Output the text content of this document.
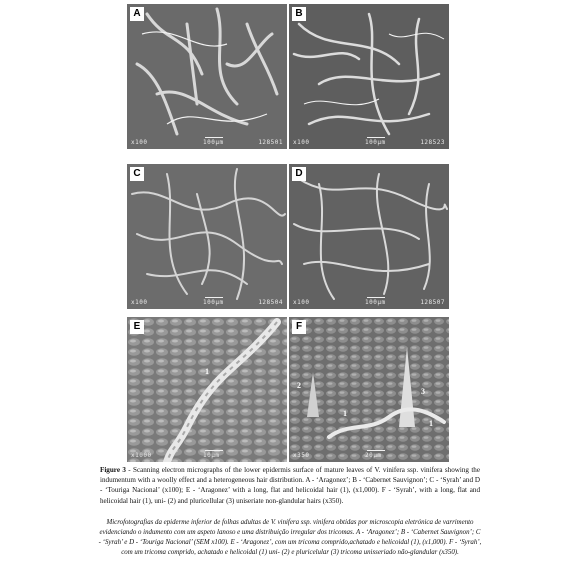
A
x100	100µm	128501
B
x100	100µm	128523
C
x100	100µm	128504
D
x100	100µm	128507
E
1
x1000	10µm
F
2
3
1
1
x350	20µm
Figure 3 - Scanning electron micrographs of the lower epidermis surface of mature leaves of V. vinifera ssp. vinifera showing the indumentum with a woolly effect and a heterogeneous hair distribution. A - ‘Aragonez’; B - ‘Cabernet Sauvignon’; C - ‘Syrah’ and D - ‘Touriga Nacional’ (x100); E - ‘Aragonez’ with a long, flat and helicoidal hair (1), (x1,000). F - ‘Syrah’, with a long, flat and helicoidal hair (1), uni- (2) and pluricellular (3) uniseriate non-glandular hairs (x350).
Microfotografias da epiderme inferior de folhas adultas de V. vinifera ssp. vinifera obtidas por microscopia eletrónica de varrimento evidenciando o indumento com um aspeto lanoso e uma distribuição irregular dos tricomas. A - ‘Aragonez’; B - ‘Cabernet Sauvignon’; C - ‘Syrah’ e D - ‘Touriga Nacional’ (SEM x100). E - ‘Aragonez’, com um tricoma comprido,achatado e helicoidal (1), (x1,000). F - ‘Syrah’, com um tricoma comprido, achatado e helicoidal (1) uni- (2) e pluricelular (3) tricoma unisseriado não-glandular (x350).
